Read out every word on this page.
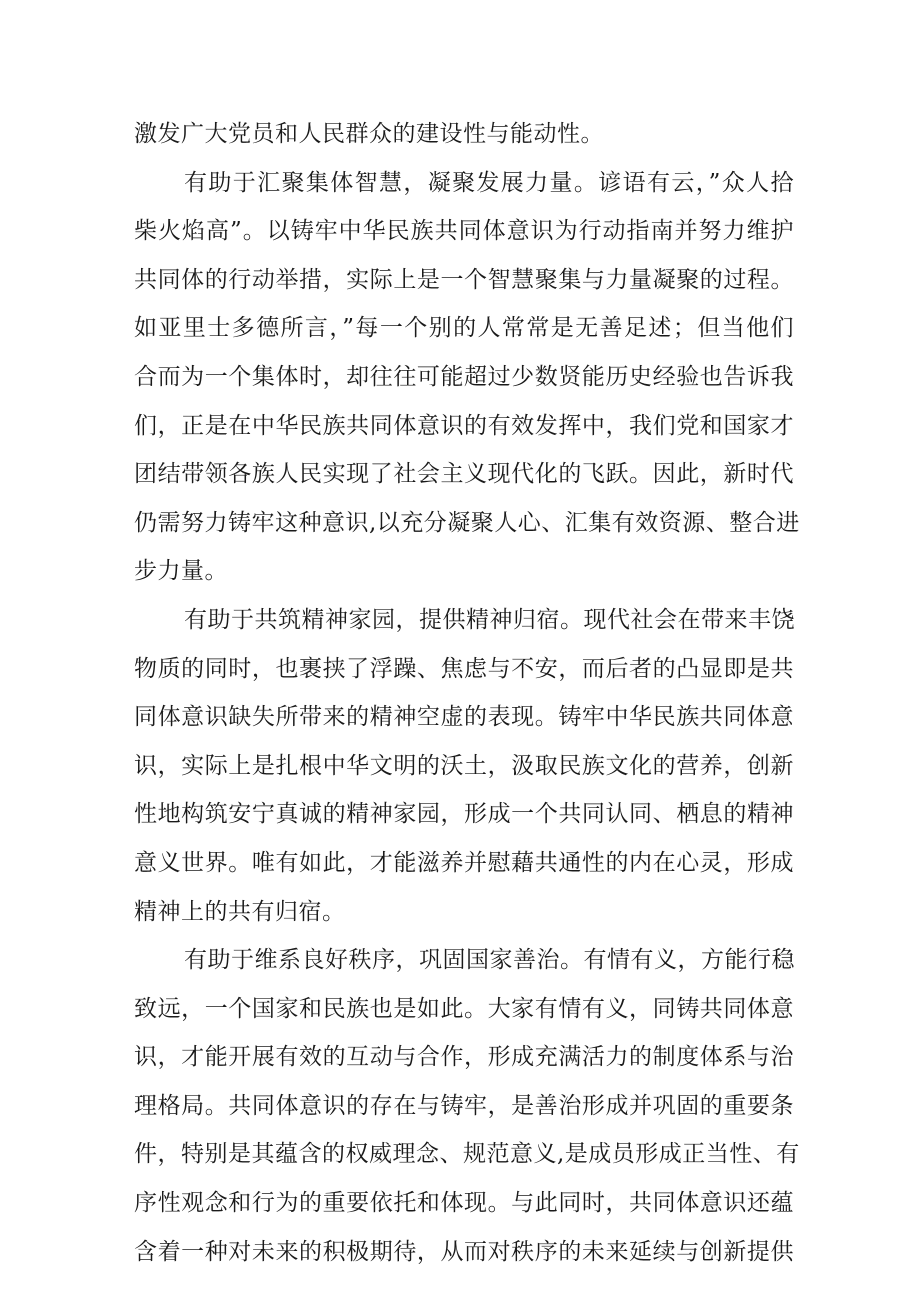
激发广大党员和人民群众的建设性与能动性。
有助于汇聚集体智慧，凝聚发展力量。谚语有云，”众人拾
柴火焰高”。以铸牢中华民族共同体意识为行动指南并努力维护
共同体的行动举措，实际上是一个智慧聚集与力量凝聚的过程。
如亚里士多德所言，”每一个别的人常常是无善足述；但当他们
合而为一个集体时，却往往可能超过少数贤能历史经验也告诉我
们，正是在中华民族共同体意识的有效发挥中，我们党和国家才
团结带领各族人民实现了社会主义现代化的飞跃。因此，新时代
仍需努力铸牢这种意识,以充分凝聚人心、汇集有效资源、整合进
步力量。
有助于共筑精神家园，提供精神归宿。现代社会在带来丰饶
物质的同时，也裹挟了浮躁、焦虑与不安，而后者的凸显即是共
同体意识缺失所带来的精神空虚的表现。铸牢中华民族共同体意
识，实际上是扎根中华文明的沃土，汲取民族文化的营养，创新
性地构筑安宁真诚的精神家园，形成一个共同认同、栖息的精神
意义世界。唯有如此，才能滋养并慰藉共通性的内在心灵，形成
精神上的共有归宿。
有助于维系良好秩序，巩固国家善治。有情有义，方能行稳
致远，一个国家和民族也是如此。大家有情有义，同铸共同体意
识，才能开展有效的互动与合作，形成充满活力的制度体系与治
理格局。共同体意识的存在与铸牢，是善治形成并巩固的重要条
件，特别是其蕴含的权威理念、规范意义,是成员形成正当性、有
序性观念和行为的重要依托和体现。与此同时，共同体意识还蕴
含着一种对未来的积极期待，从而对秩序的未来延续与创新提供
